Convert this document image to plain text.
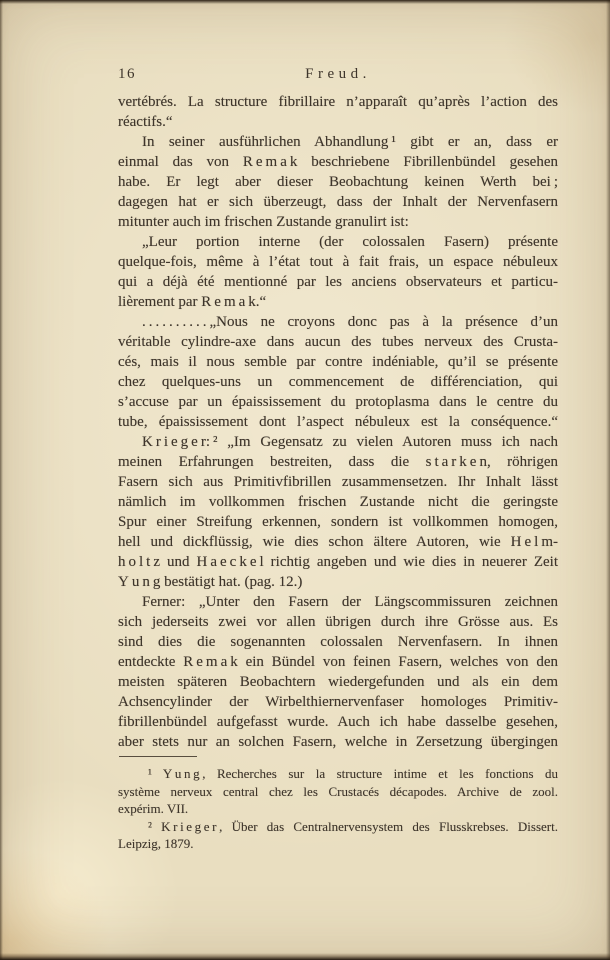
16	Freud.
vertébrés. La structure fibrillaire n’apparaît qu’après l’action des
réactifs.“
In seiner ausführlichen Abhandlung ¹ gibt er an, dass er
einmal das von R e m a k beschriebene Fibrillenbündel gesehen
habe. Er legt aber dieser Beobachtung keinen Werth bei ;
dagegen hat er sich überzeugt, dass der Inhalt der Nervenfasern
mitunter auch im frischen Zustande granulirt ist:
„Leur portion interne (der colossalen Fasern) présente
quelque-fois, même à l’état tout à fait frais, un espace nébuleux
qui a déjà été mentionné par les anciens observateurs et particu-
lièrement par R e m a k.“
. . . . . . . . . . „Nous ne croyons donc pas à la présence d’un
véritable cylindre-axe dans aucun des tubes nerveux des Crusta-
cés, mais il nous semble par contre indéniable, qu’il se présente
chez quelques-uns un commencement de différenciation, qui
s’accuse par un épaississement du protoplasma dans le centre du
tube, épaississement dont l’aspect nébuleux est la conséquence.“
K r i e g e r: ² „Im Gegensatz zu vielen Autoren muss ich nach
meinen Erfahrungen bestreiten, dass die s t a r k e n, röhrigen
Fasern sich aus Primitivfibrillen zusammensetzen. Ihr Inhalt lässt
nämlich im vollkommen frischen Zustande nicht die geringste
Spur einer Streifung erkennen, sondern ist vollkommen homogen,
hell und dickflüssig, wie dies schon ältere Autoren, wie H e l m-
h o l t z und H a e c k e l richtig angeben und wie dies in neuerer Zeit
Y u n g bestätigt hat. (pag. 12.)
Ferner: „Unter den Fasern der Längscommissuren zeichnen
sich jederseits zwei vor allen übrigen durch ihre Grösse aus. Es
sind dies die sogenannten colossalen Nervenfasern. In ihnen
entdeckte R e m a k ein Bündel von feinen Fasern, welches von den
meisten späteren Beobachtern wiedergefunden und als ein dem
Achsencylinder der Wirbelthiernervenfaser homologes Primitiv-
fibrillenbündel aufgefasst wurde. Auch ich habe dasselbe gesehen,
aber stets nur an solchen Fasern, welche in Zersetzung übergingen
¹ Y u n g , Recherches sur la structure intime et les fonctions du
système nerveux central chez les Crustacés décapodes. Archive de zool.
expérim. VII.
² K r i e g e r , Über das Centralnervensystem des Flusskrebses. Dissert.
Leipzig, 1879.
